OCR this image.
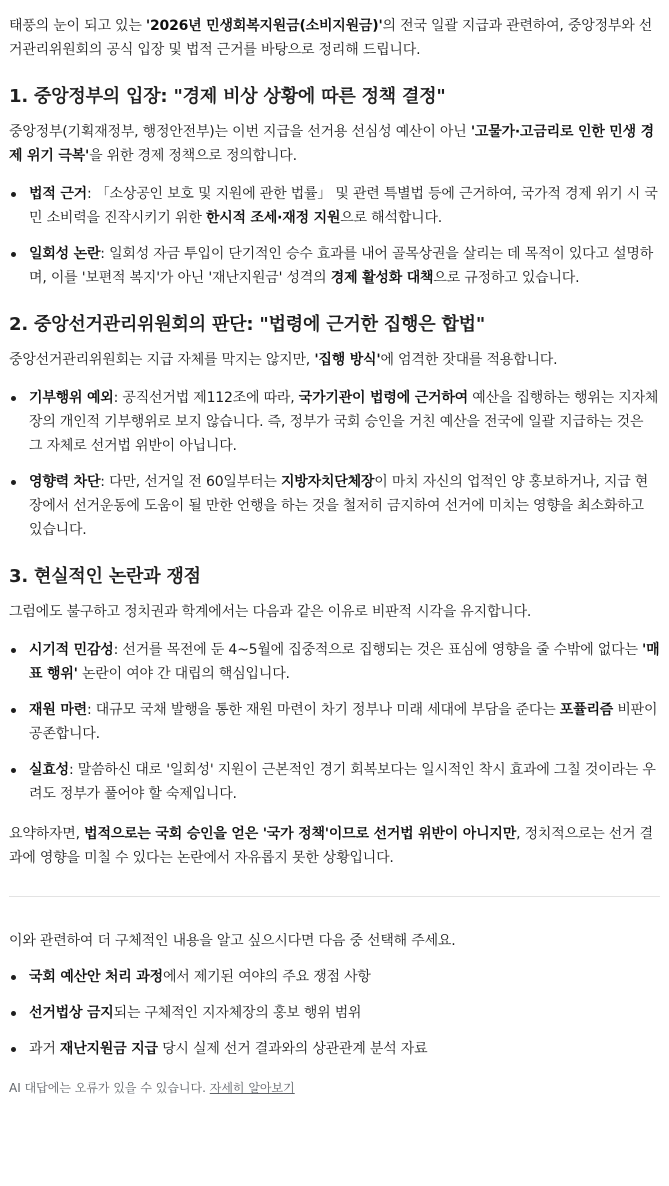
태풍의 눈이 되고 있는 '2026년 민생회복지원금(소비지원금)'의 전국 일괄 지급과 관련하여, 중앙정부와 선거관리위원회의 공식 입장 및 법적 근거를 바탕으로 정리해 드립니다.

1. 중앙정부의 입장: "경제 비상 상황에 따른 정책 결정"

중앙정부(기획재정부, 행정안전부)는 이번 지급을 선거용 선심성 예산이 아닌 '고물가·고금리로 인한 민생 경제 위기 극복'을 위한 경제 정책으로 정의합니다.

법적 근거: 「소상공인 보호 및 지원에 관한 법률」 및 관련 특별법 등에 근거하여, 국가적 경제 위기 시 국민 소비력을 진작시키기 위한 한시적 조세·재정 지원으로 해석합니다.
일회성 논란: 일회성 자금 투입이 단기적인 승수 효과를 내어 골목상권을 살리는 데 목적이 있다고 설명하며, 이를 '보편적 복지'가 아닌 '재난지원금' 성격의 경제 활성화 대책으로 규정하고 있습니다.
2. 중앙선거관리위원회의 판단: "법령에 근거한 집행은 합법"

중앙선거관리위원회는 지급 자체를 막지는 않지만, '집행 방식'에 엄격한 잣대를 적용합니다.

기부행위 예외: 공직선거법 제112조에 따라, 국가기관이 법령에 근거하여 예산을 집행하는 행위는 지자체장의 개인적 기부행위로 보지 않습니다. 즉, 정부가 국회 승인을 거친 예산을 전국에 일괄 지급하는 것은 그 자체로 선거법 위반이 아닙니다.
영향력 차단: 다만, 선거일 전 60일부터는 지방자치단체장이 마치 자신의 업적인 양 홍보하거나, 지급 현장에서 선거운동에 도움이 될 만한 언행을 하는 것을 철저히 금지하여 선거에 미치는 영향을 최소화하고 있습니다.
3. 현실적인 논란과 쟁점

그럼에도 불구하고 정치권과 학계에서는 다음과 같은 이유로 비판적 시각을 유지합니다.

시기적 민감성: 선거를 목전에 둔 4~5월에 집중적으로 집행되는 것은 표심에 영향을 줄 수밖에 없다는 '매표 행위' 논란이 여야 간 대립의 핵심입니다.
재원 마련: 대규모 국채 발행을 통한 재원 마련이 차기 정부나 미래 세대에 부담을 준다는 포퓰리즘 비판이 공존합니다.
실효성: 말씀하신 대로 '일회성' 지원이 근본적인 경기 회복보다는 일시적인 착시 효과에 그칠 것이라는 우려도 정부가 풀어야 할 숙제입니다.

요약하자면, 법적으로는 국회 승인을 얻은 '국가 정책'이므로 선거법 위반이 아니지만, 정치적으로는 선거 결과에 영향을 미칠 수 있다는 논란에서 자유롭지 못한 상황입니다.

이와 관련하여 더 구체적인 내용을 알고 싶으시다면 다음 중 선택해 주세요.

국회 예산안 처리 과정에서 제기된 여야의 주요 쟁점 사항
선거법상 금지되는 구체적인 지자체장의 홍보 행위 범위
과거 재난지원금 지급 당시 실제 선거 결과와의 상관관계 분석 자료
AI 대답에는 오류가 있을 수 있습니다. 자세히 알아보기
